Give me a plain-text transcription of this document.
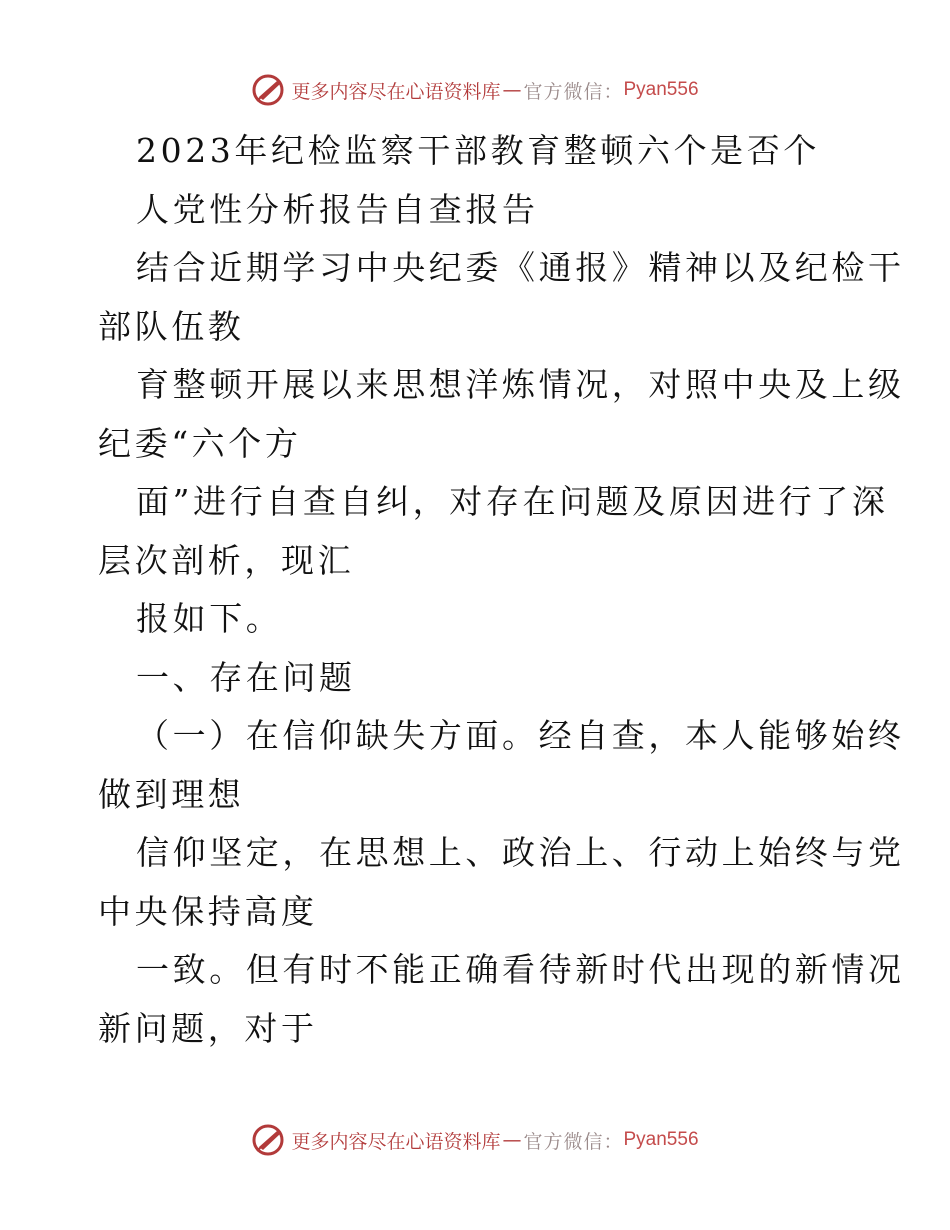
更多内容尽在心语资料库 — 官方微信： Pyan556
2023年纪检监察干部教育整顿六个是否个
人党性分析报告自查报告
结合近期学习中央纪委《通报》精神以及纪检干
部队伍教
育整顿开展以来思想洋炼情况，对照中央及上级
纪委“六个方
面”进行自查自纠，对存在问题及原因进行了深
层次剖析，现汇
报如下。
一、存在问题
（一）在信仰缺失方面。经自查，本人能够始终
做到理想
信仰坚定，在思想上、政治上、行动上始终与党
中央保持高度
一致。但有时不能正确看待新时代出现的新情况
新问题，对于
更多内容尽在心语资料库 — 官方微信： Pyan556
